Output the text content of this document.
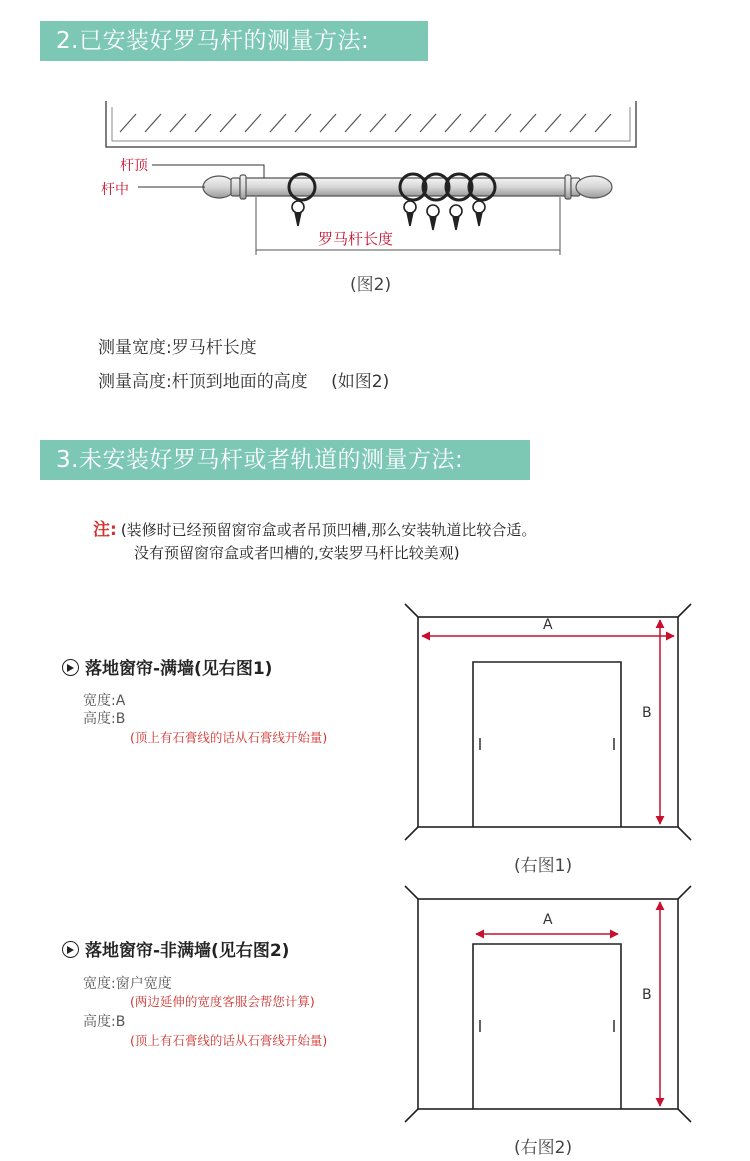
2.已安装好罗马杆的测量方法:
杆顶
杆中
罗马杆长度
(图2)
测量宽度:罗马杆长度
测量高度:杆顶到地面的高度 (如图2)
3.未安装好罗马杆或者轨道的测量方法:
注: (装修时已经预留窗帘盒或者吊顶凹槽,那么安装轨道比较合适。
没有预留窗帘盒或者凹槽的,安装罗马杆比较美观)
落地窗帘-满墙(见右图1)
宽度:A
高度:B
(顶上有石膏线的话从石膏线开始量)
落地窗帘-非满墙(见右图2)
宽度:窗户宽度
(两边延伸的宽度客服会帮您计算)
高度:B
(顶上有石膏线的话从石膏线开始量)
A
B
(右图1)
A
B
(右图2)
